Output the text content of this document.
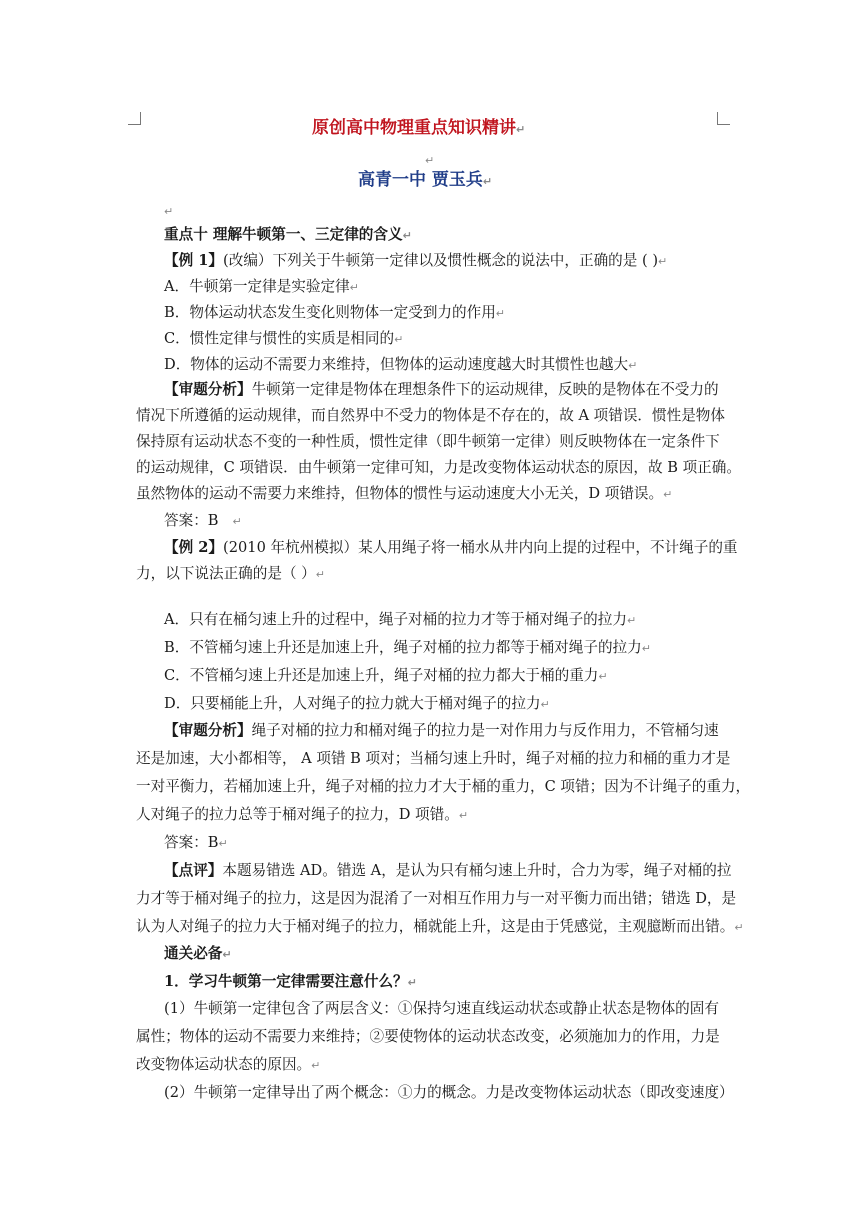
原创高中物理重点知识精讲↵
↵
高青一中 贾玉兵↵
↵
重点十 理解牛顿第一、三定律的含义↵
【例 1】(改编）下列关于牛顿第一定律以及惯性概念的说法中，正确的是 ( )↵
A．牛顿第一定律是实验定律↵
B．物体运动状态发生变化则物体一定受到力的作用↵
C．惯性定律与惯性的实质是相同的↵
D．物体的运动不需要力来维持，但物体的运动速度越大时其惯性也越大↵
【审题分析】牛顿第一定律是物体在理想条件下的运动规律，反映的是物体在不受力的
情况下所遵循的运动规律，而自然界中不受力的物体是不存在的，故 A 项错误．惯性是物体
保持原有运动状态不变的一种性质，惯性定律（即牛顿第一定律）则反映物体在一定条件下
的运动规律，C 项错误．由牛顿第一定律可知，力是改变物体运动状态的原因，故 B 项正确。
虽然物体的运动不需要力来维持，但物体的惯性与运动速度大小无关，D 项错误。↵
答案：B   ↵
【例 2】(2010 年杭州模拟）某人用绳子将一桶水从井内向上提的过程中，不计绳子的重
力，以下说法正确的是（ ）↵
A．只有在桶匀速上升的过程中，绳子对桶的拉力才等于桶对绳子的拉力↵
B．不管桶匀速上升还是加速上升，绳子对桶的拉力都等于桶对绳子的拉力↵
C．不管桶匀速上升还是加速上升，绳子对桶的拉力都大于桶的重力↵
D．只要桶能上升，人对绳子的拉力就大于桶对绳子的拉力↵
【审题分析】绳子对桶的拉力和桶对绳子的拉力是一对作用力与反作用力，不管桶匀速
还是加速，大小都相等， A 项错 B 项对；当桶匀速上升时，绳子对桶的拉力和桶的重力才是
一对平衡力，若桶加速上升，绳子对桶的拉力才大于桶的重力，C 项错；因为不计绳子的重力，
人对绳子的拉力总等于桶对绳子的拉力，D 项错。↵
答案：B↵
【点评】本题易错选 AD。错选 A，是认为只有桶匀速上升时，合力为零，绳子对桶的拉
力才等于桶对绳子的拉力，这是因为混淆了一对相互作用力与一对平衡力而出错；错选 D，是
认为人对绳子的拉力大于桶对绳子的拉力，桶就能上升，这是由于凭感觉，主观臆断而出错。↵
通关必备↵
1．学习牛顿第一定律需要注意什么？↵
(1）牛顿第一定律包含了两层含义：①保持匀速直线运动状态或静止状态是物体的固有
属性；物体的运动不需要力来维持；②要使物体的运动状态改变，必须施加力的作用，力是
改变物体运动状态的原因。↵
(2）牛顿第一定律导出了两个概念：①力的概念。力是改变物体运动状态（即改变速度）
